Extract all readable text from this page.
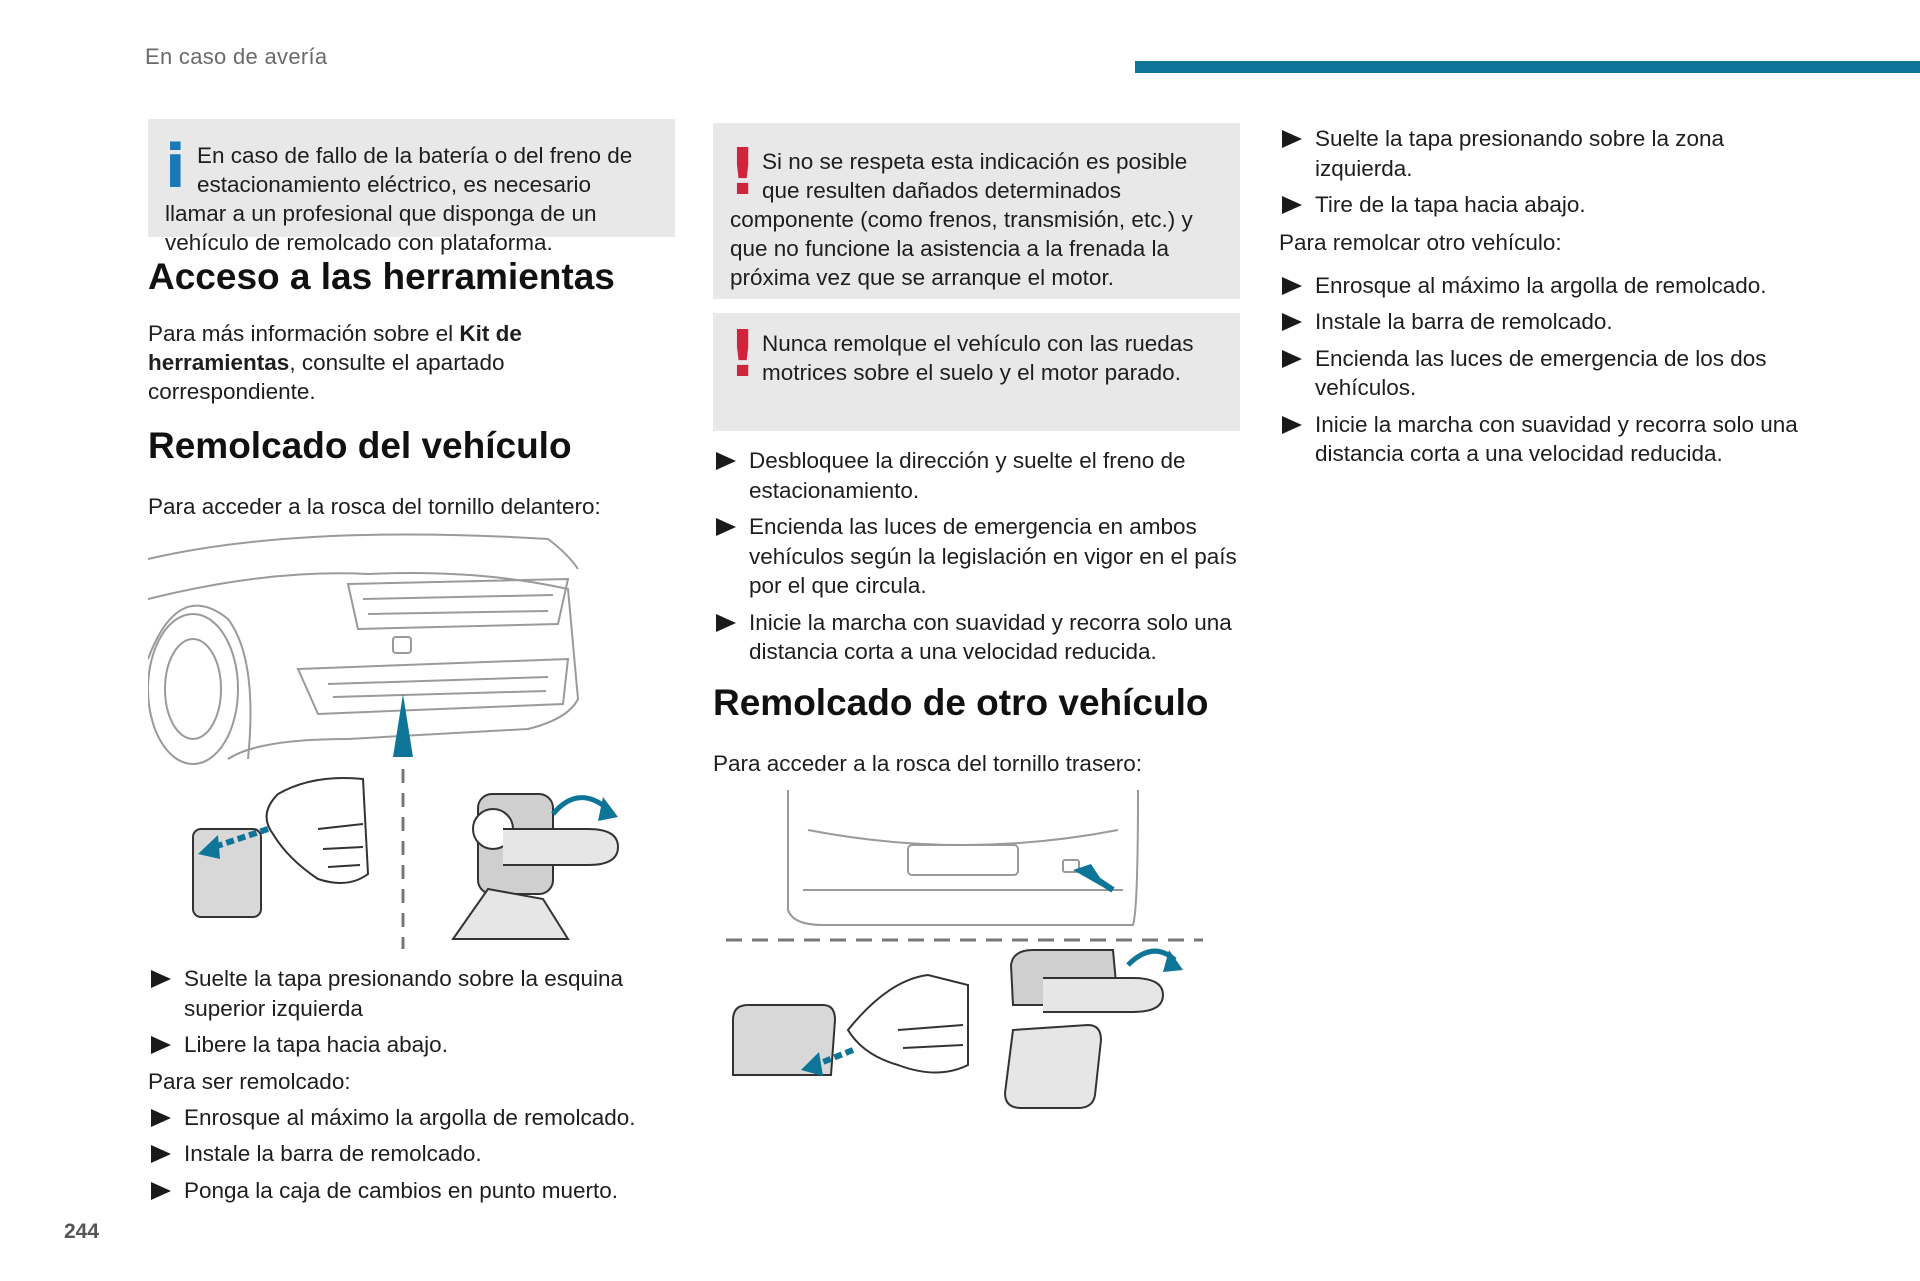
En caso de avería
244
i En caso de fallo de la batería o del freno de estacionamiento eléctrico, es necesario llamar a un profesional que disponga de un vehículo de remolcado con plataforma.
Acceso a las herramientas

Para más información sobre el Kit de herramientas, consulte el apartado correspondiente.

Remolcado del vehículo

Para acceder a la rosca del tornillo delantero:

Suelte la tapa presionando sobre la esquina superior izquierda
Libere la tapa hacia abajo.

Para ser remolcado:

Enrosque al máximo la argolla de remolcado.
Instale la barra de remolcado.
Ponga la caja de cambios en punto muerto.
! Si no se respeta esta indicación es posible que resulten dañados determinados componente (como frenos, transmisión, etc.) y que no funcione la asistencia a la frenada la próxima vez que se arranque el motor.
! Nunca remolque el vehículo con las ruedas motrices sobre el suelo y el motor parado.
Desbloquee la dirección y suelte el freno de estacionamiento.
Encienda las luces de emergencia en ambos vehículos según la legislación en vigor en el país por el que circula.
Inicie la marcha con suavidad y recorra solo una distancia corta a una velocidad reducida.
Remolcado de otro vehículo

Para acceder a la rosca del tornillo trasero:

Suelte la tapa presionando sobre la zona izquierda.
Tire de la tapa hacia abajo.

Para remolcar otro vehículo:

Enrosque al máximo la argolla de remolcado.
Instale la barra de remolcado.
Encienda las luces de emergencia de los dos vehículos.
Inicie la marcha con suavidad y recorra solo una distancia corta a una velocidad reducida.
